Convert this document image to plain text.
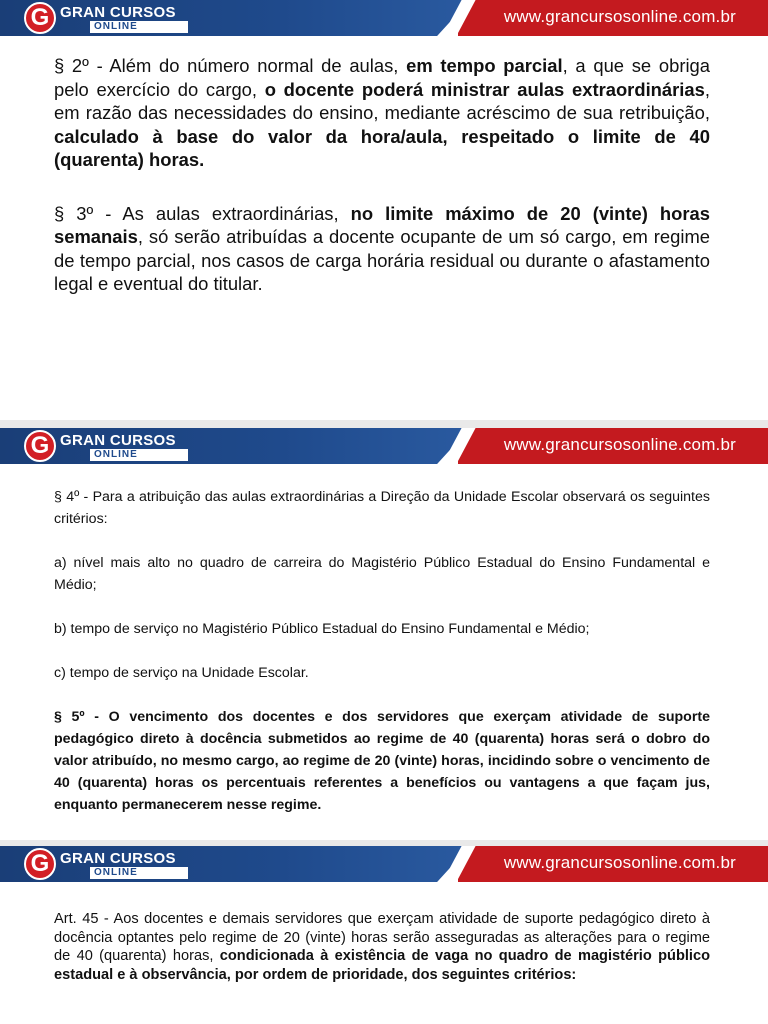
G GRAN CURSOS
ONLINE
www.grancursosonline.com.br

§ 2º - Além do número normal de aulas, em tempo parcial, a que se obriga pelo exercício do cargo, o docente poderá ministrar aulas extraordinárias, em razão das necessidades do ensino, mediante acréscimo de sua retribuição, calculado à base do valor da hora/aula, respeitado o limite de 40 (quarenta) horas.

§ 3º - As aulas extraordinárias, no limite máximo de 20 (vinte) horas semanais, só serão atribuídas a docente ocupante de um só cargo, em regime de tempo parcial, nos casos de carga horária residual ou durante o afastamento legal e eventual do titular.

G GRAN CURSOS
ONLINE
www.grancursosonline.com.br

§ 4º - Para a atribuição das aulas extraordinárias a Direção da Unidade Escolar observará os seguintes critérios:

a) nível mais alto no quadro de carreira do Magistério Público Estadual do Ensino Fundamental e Médio;

b) tempo de serviço no Magistério Público Estadual do Ensino Fundamental e Médio;

c) tempo de serviço na Unidade Escolar.

§ 5º - O vencimento dos docentes e dos servidores que exerçam atividade de suporte pedagógico direto à docência submetidos ao regime de 40 (quarenta) horas será o dobro do valor atribuído, no mesmo cargo, ao regime de 20 (vinte) horas, incidindo sobre o vencimento de 40 (quarenta) horas os percentuais referentes a benefícios ou vantagens a que façam jus, enquanto permanecerem nesse regime.

G GRAN CURSOS
ONLINE
www.grancursosonline.com.br

Art. 45 - Aos docentes e demais servidores que exerçam atividade de suporte pedagógico direto à docência optantes pelo regime de 20 (vinte) horas serão asseguradas as alterações para o regime de 40 (quarenta) horas, condicionada à existência de vaga no quadro de magistério público estadual e à observância, por ordem de prioridade, dos seguintes critérios:
